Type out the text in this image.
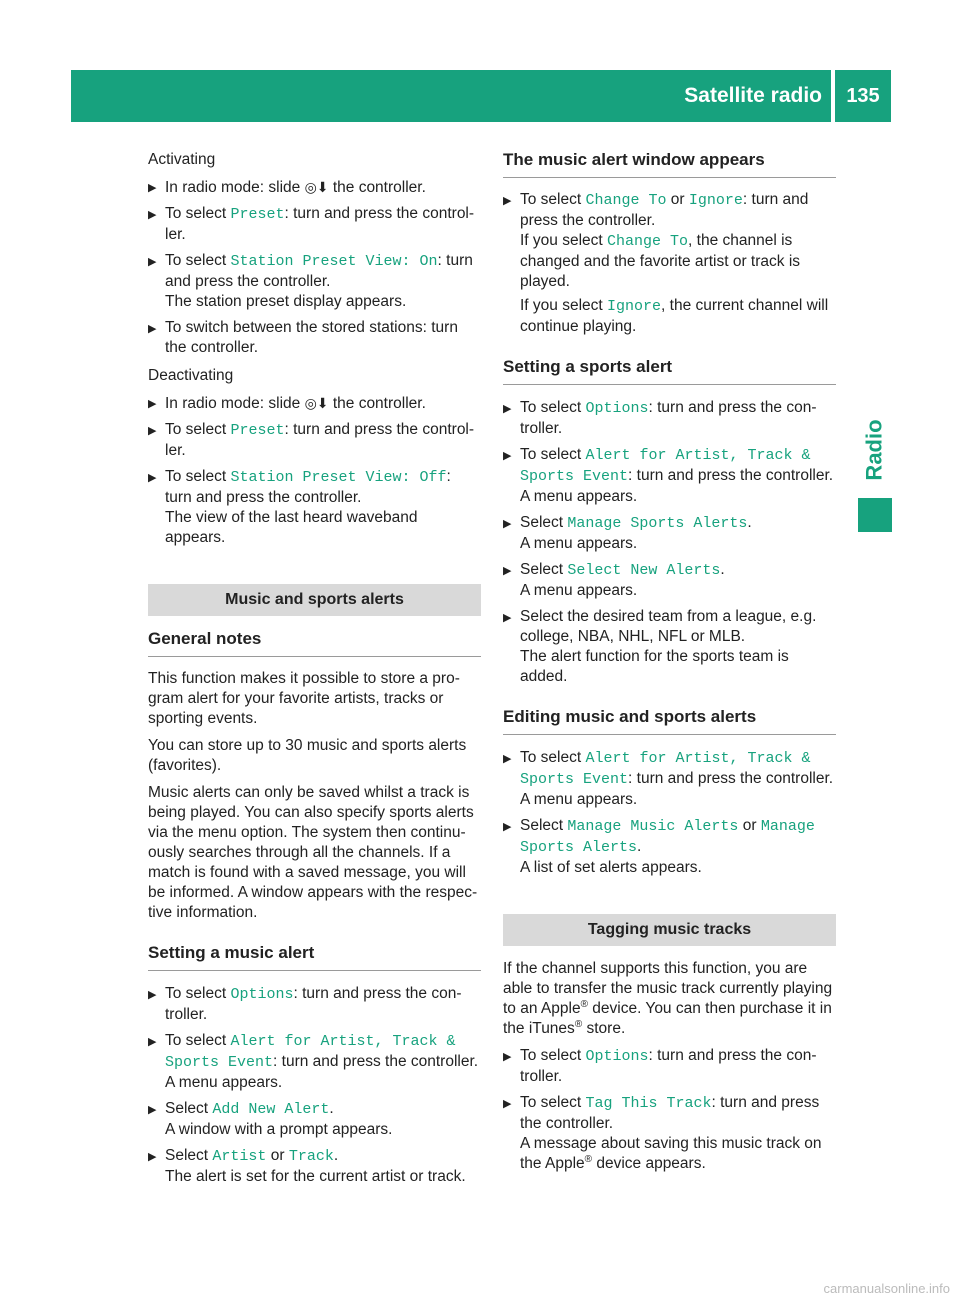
Satellite radio	135
Radio

Activating

▶ In radio mode: slide ◎⬇ the controller.
▶ To select Preset: turn and press the control-ler.
▶ To select Station Preset View: On: turn and press the controller.
The station preset display appears.
▶ To switch between the stored stations: turn the controller.

Deactivating

▶ In radio mode: slide ◎⬇ the controller.
▶ To select Preset: turn and press the control-ler.
▶ To select Station Preset View: Off: turn and press the controller.
The view of the last heard waveband appears.
Music and sports alerts
General notes

This function makes it possible to store a pro-gram alert for your favorite artists, tracks or sporting events.

You can store up to 30 music and sports alerts (favorites).

Music alerts can only be saved whilst a track is being played. You can also specify sports alerts via the menu option. The system then continu-ously searches through all the channels. If a match is found with a saved message, you will be informed. A window appears with the respec-tive information.

Setting a music alert
▶ To select Options: turn and press the con-troller.
▶ To select Alert for Artist, Track & Sports Event: turn and press the controller.
A menu appears.
▶ Select Add New Alert.
A window with a prompt appears.
▶ Select Artist or Track.
The alert is set for the current artist or track.
The music alert window appears
▶ To select Change To or Ignore: turn and press the controller.
If you select Change To, the channel is changed and the favorite artist or track is played.
If you select Ignore, the current channel will continue playing.
Setting a sports alert
▶ To select Options: turn and press the con-troller.
▶ To select Alert for Artist, Track & Sports Event: turn and press the controller.
A menu appears.
▶ Select Manage Sports Alerts.
A menu appears.
▶ Select Select New Alerts.
A menu appears.
▶ Select the desired team from a league, e.g. college, NBA, NHL, NFL or MLB.
The alert function for the sports team is added.
Editing music and sports alerts
▶ To select Alert for Artist, Track & Sports Event: turn and press the controller.
A menu appears.
▶ Select Manage Music Alerts or Manage Sports Alerts.
A list of set alerts appears.
Tagging music tracks

If the channel supports this function, you are able to transfer the music track currently playing to an Apple® device. You can then purchase it in the iTunes® store.

▶ To select Options: turn and press the con-troller.
▶ To select Tag This Track: turn and press the controller.
A message about saving this music track on the Apple® device appears.
carmanualsonline.info
